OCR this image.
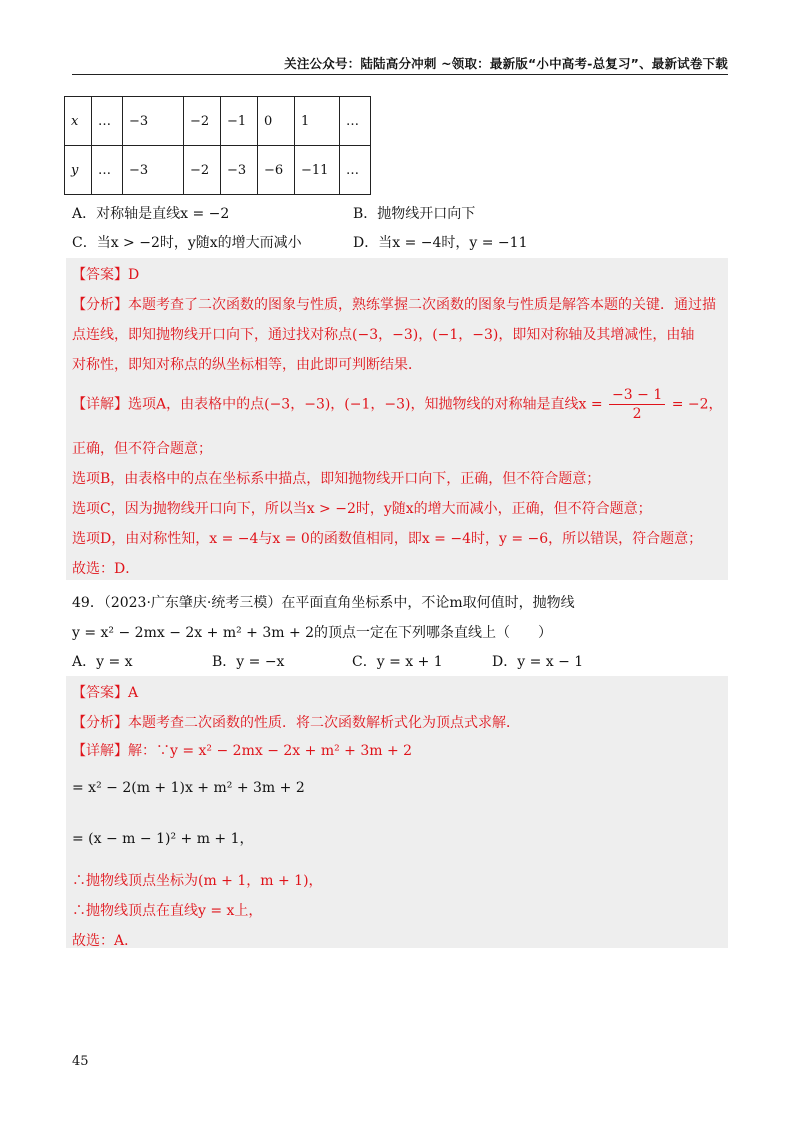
关注公众号：陆陆高分冲刺 ~领取：最新版“小中高考-总复习”、最新试卷下载
x	…	−3	−2	−1	0	1	…
y	…	−3	−2	−3	−6	−11	…
A．对称轴是直线x = −2	B．抛物线开口向下
C．当x > −2时，y随x的增大而减小	D．当x = −4时，y = −11
【答案】D
【分析】本题考查了二次函数的图象与性质，熟练掌握二次函数的图象与性质是解答本题的关键．通过描
点连线，即知抛物线开口向下，通过找对称点(−3，−3)，(−1，−3)，即知对称轴及其增减性，由轴
对称性，即知对称点的纵坐标相等，由此即可判断结果．
【详解】选项A，由表格中的点(−3，−3)，(−1，−3)，知抛物线的对称轴是直线$x = \frac{-3 - 1}{2} = -2$，
正确，但不符合题意；
选项B，由表格中的点在坐标系中描点，即知抛物线开口向下，正确，但不符合题意；
选项C，因为抛物线开口向下，所以当x > −2时，y随x的增大而减小，正确，但不符合题意；
选项D，由对称性知，x = −4与x = 0的函数值相同，即x = −4时，y = −6，所以错误，符合题意；
故选：D．
49．（2023·广东肇庆·统考三模）在平面直角坐标系中，不论m取何值时，抛物线
y = x² − 2mx − 2x + m² + 3m + 2的顶点一定在下列哪条直线上（　　）
A．y = x	B．y = −x	C．y = x + 1	D．y = x − 1
【答案】A
【分析】本题考查二次函数的性质．将二次函数解析式化为顶点式求解．
【详解】解：∵y = x² − 2mx − 2x + m² + 3m + 2
= x² − 2(m + 1)x + m² + 3m + 2
= (x − m − 1)² + m + 1，
∴抛物线顶点坐标为(m + 1，m + 1)，
∴抛物线顶点在直线y = x上，
故选：A．
45
